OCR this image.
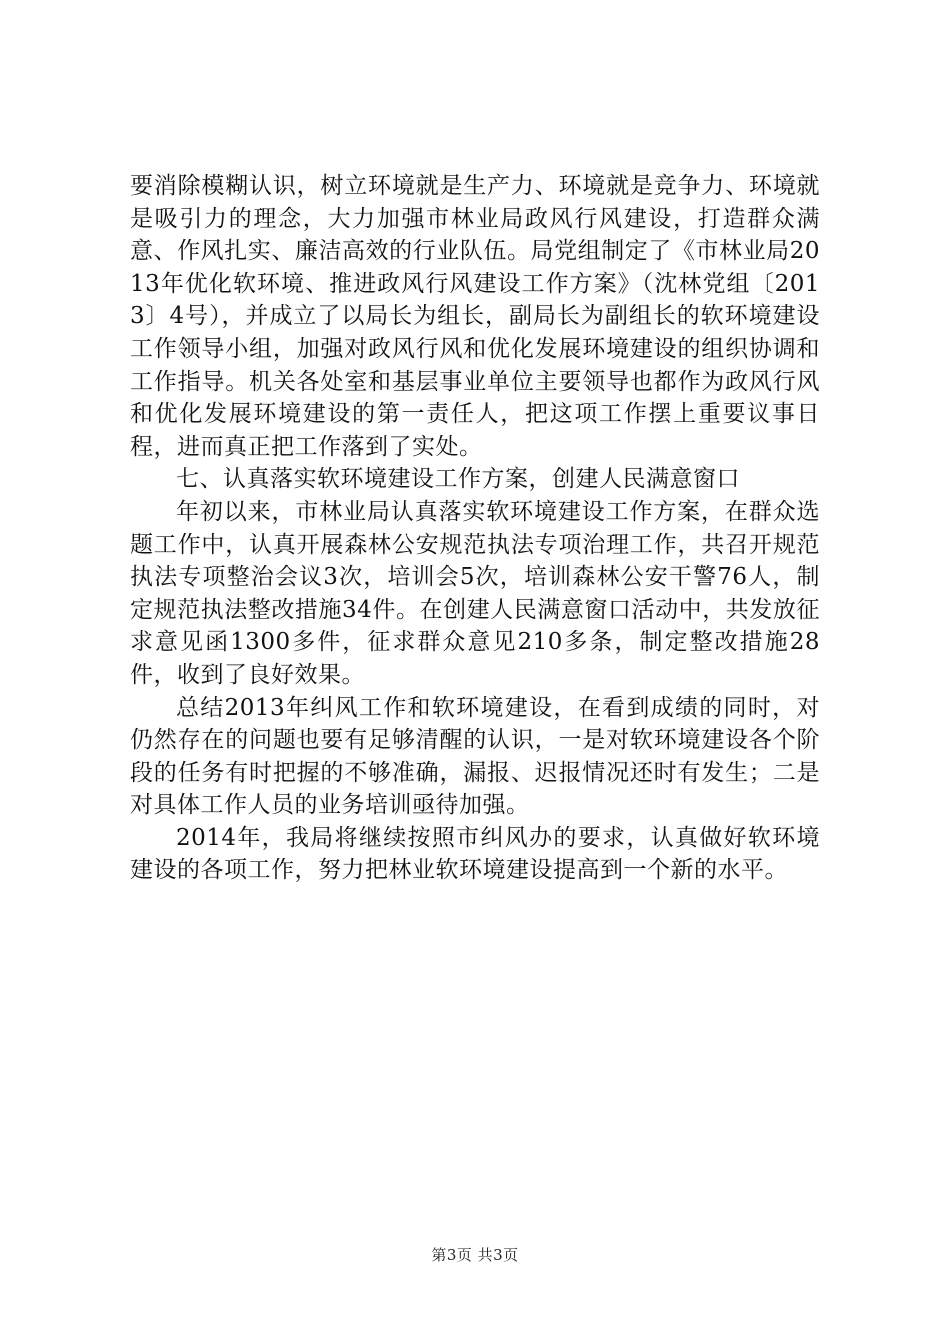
要消除模糊认识，树立环境就是生产力、环境就是竞争力、环境就是吸引力的理念，大力加强市林业局政风行风建设，打造群众满意、作风扎实、廉洁高效的行业队伍。局党组制定了《市林业局2013年优化软环境、推进政风行风建设工作方案》（沈林党组〔2013〕4号），并成立了以局长为组长，副局长为副组长的软环境建设工作领导小组，加强对政风行风和优化发展环境建设的组织协调和工作指导。机关各处室和基层事业单位主要领导也都作为政风行风和优化发展环境建设的第一责任人，把这项工作摆上重要议事日程，进而真正把工作落到了实处。

七、认真落实软环境建设工作方案，创建人民满意窗口

年初以来，市林业局认真落实软环境建设工作方案，在群众选题工作中，认真开展森林公安规范执法专项治理工作，共召开规范执法专项整治会议3次，培训会5次，培训森林公安干警76人，制定规范执法整改措施34件。在创建人民满意窗口活动中，共发放征求意见函1300多件，征求群众意见210多条，制定整改措施28件，收到了良好效果。

总结2013年纠风工作和软环境建设，在看到成绩的同时，对仍然存在的问题也要有足够清醒的认识，一是对软环境建设各个阶段的任务有时把握的不够准确，漏报、迟报情况还时有发生；二是对具体工作人员的业务培训亟待加强。

2014年，我局将继续按照市纠风办的要求，认真做好软环境建设的各项工作，努力把林业软环境建设提高到一个新的水平。

第3页 共3页
